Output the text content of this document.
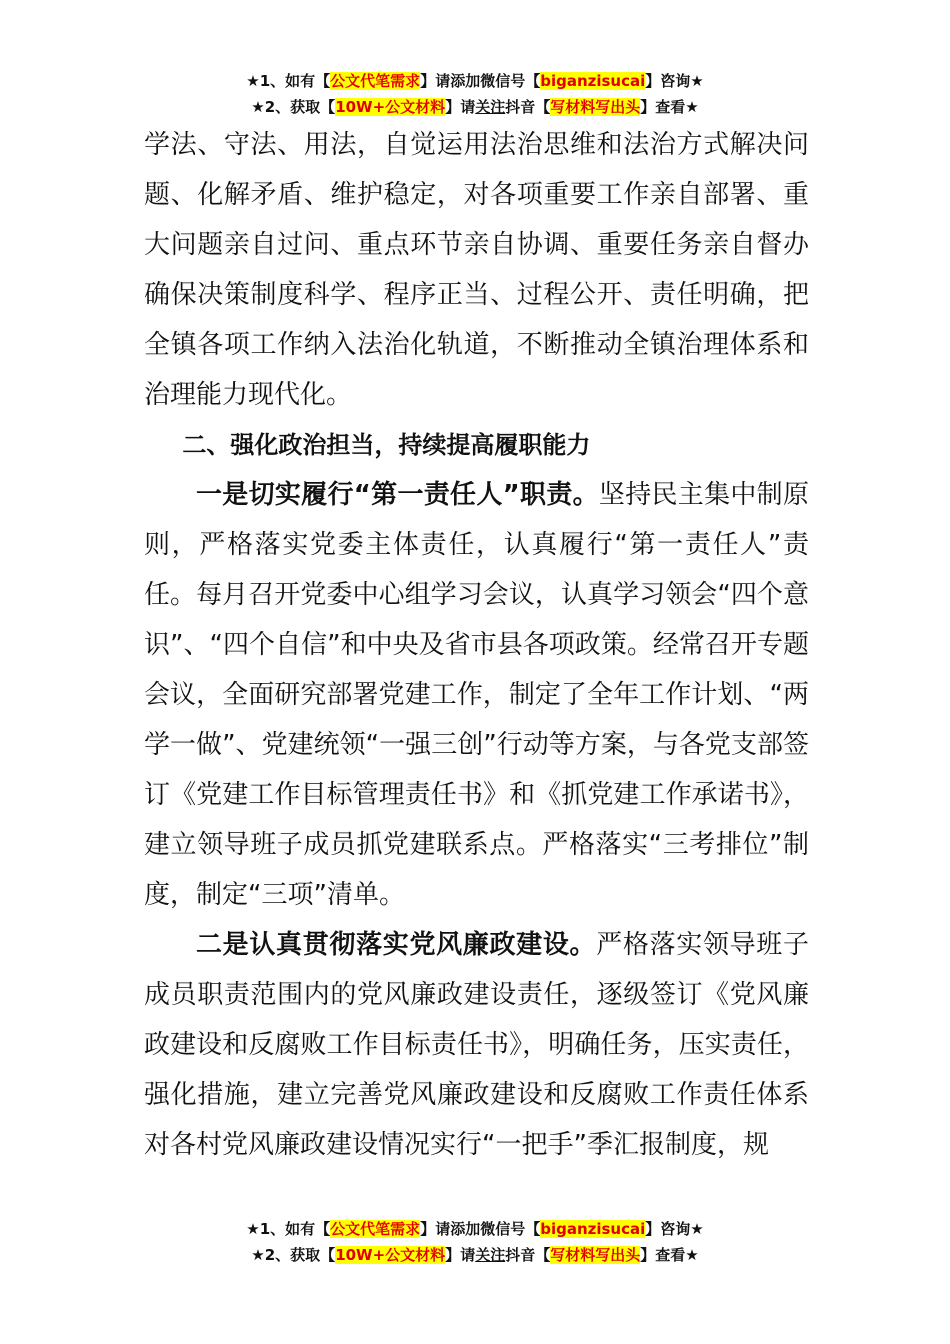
★1、如有【公文代笔需求】请添加微信号【biganzisucai】咨询★
★2、获取【10W+公文材料】请关注抖音【写材料写出头】查看★

学法、守法、用法，自觉运用法治思维和法治方式解决问题、化解矛盾、维护稳定，对各项重要工作亲自部署、重大问题亲自过问、重点环节亲自协调、重要任务亲自督办确保决策制度科学、程序正当、过程公开、责任明确，把全镇各项工作纳入法治化轨道，不断推动全镇治理体系和治理能力现代化。

二、强化政治担当，持续提高履职能力

一是切实履行“第一责任人”职责。坚持民主集中制原则，严格落实党委主体责任，认真履行“第一责任人”责任。每月召开党委中心组学习会议，认真学习领会“四个意识”、“四个自信”和中央及省市县各项政策。经常召开专题会议，全面研究部署党建工作，制定了全年工作计划、“两学一做”、党建统领“一强三创”行动等方案，与各党支部签订《党建工作目标管理责任书》和《抓党建工作承诺书》，建立领导班子成员抓党建联系点。严格落实“三考排位”制度，制定“三项”清单。

二是认真贯彻落实党风廉政建设。严格落实领导班子成员职责范围内的党风廉政建设责任，逐级签订《党风廉政建设和反腐败工作目标责任书》，明确任务，压实责任，强化措施，建立完善党风廉政建设和反腐败工作责任体系对各村党风廉政建设情况实行“一把手”季汇报制度，规

★1、如有【公文代笔需求】请添加微信号【biganzisucai】咨询★
★2、获取【10W+公文材料】请关注抖音【写材料写出头】查看★
